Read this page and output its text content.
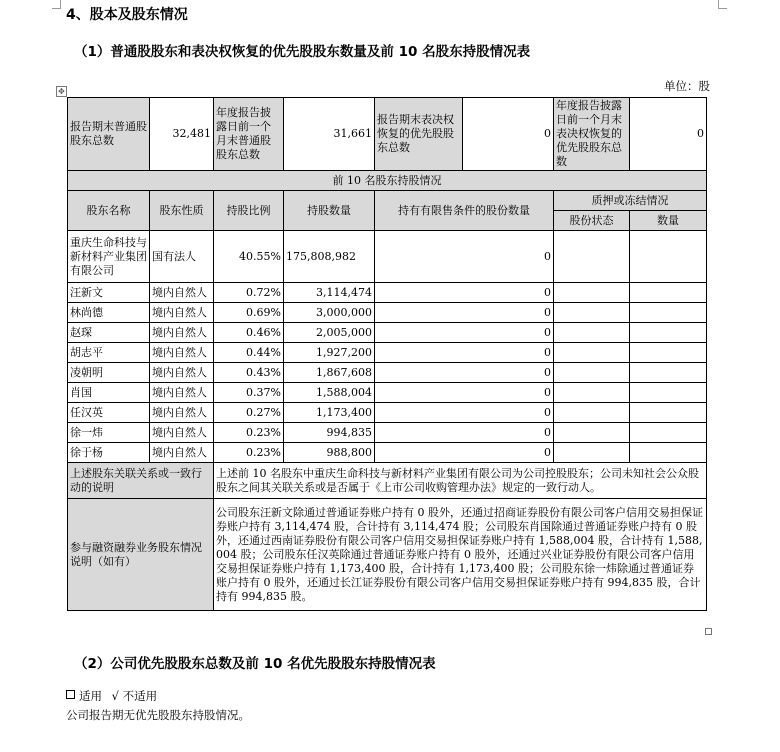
4、股本及股东情况
（1）普通股股东和表决权恢复的优先股股东数量及前 10 名股东持股情况表
单位：股
✥
报告期末普通股股东总数	32,481	年度报告披露日前一个月末普通股股东总数	31,661	报告期末表决权恢复的优先股股东总数	0	年度报告披露日前一个月末表决权恢复的优先股股东总数	0
前 10 名股东持股情况							
股东名称	股东性质	持股比例	持股数量	持有有限售条件的股份数量		质押或冻结情况	
						股份状态	数量
重庆生命科技与新材料产业集团有限公司	国有法人	40.55%	175,808,982	0			
汪新文	境内自然人	0.72%	3,114,474	0			
林尚德	境内自然人	0.69%	3,000,000	0			
赵琛	境内自然人	0.46%	2,005,000	0			
胡志平	境内自然人	0.44%	1,927,200	0			
凌朝明	境内自然人	0.43%	1,867,608	0			
肖国	境内自然人	0.37%	1,588,004	0			
任汉英	境内自然人	0.27%	1,173,400	0			
徐一炜	境内自然人	0.23%	994,835	0			
徐于杨	境内自然人	0.23%	988,800	0			
上述股东关联关系或一致行动的说明		上述前 10 名股东中重庆生命科技与新材料产业集团有限公司为公司控股股东；公司未知社会公众股股东之间其关联关系或是否属于《上市公司收购管理办法》规定的一致行动人。					
参与融资融券业务股东情况说明（如有）		公司股东汪新文除通过普通证券账户持有 0 股外，还通过招商证券股份有限公司客户信用交易担保证券账户持有 3,114,474 股，合计持有 3,114,474 股；公司股东肖国除通过普通证券账户持有 0 股外，还通过西南证券股份有限公司客户信用交易担保证券账户持有 1,588,004 股，合计持有 1,588,004 股；公司股东任汉英除通过普通证券账户持有 0 股外，还通过兴业证券股份有限公司客户信用交易担保证券账户持有 1,173,400 股，合计持有 1,173,400 股；公司股东徐一炜除通过普通证券账户持有 0 股外，还通过长江证券股份有限公司客户信用交易担保证券账户持有 994,835 股，合计持有 994,835 股。					
（2）公司优先股股东总数及前 10 名优先股股东持股情况表
适用 √ 不适用
公司报告期无优先股股东持股情况。
